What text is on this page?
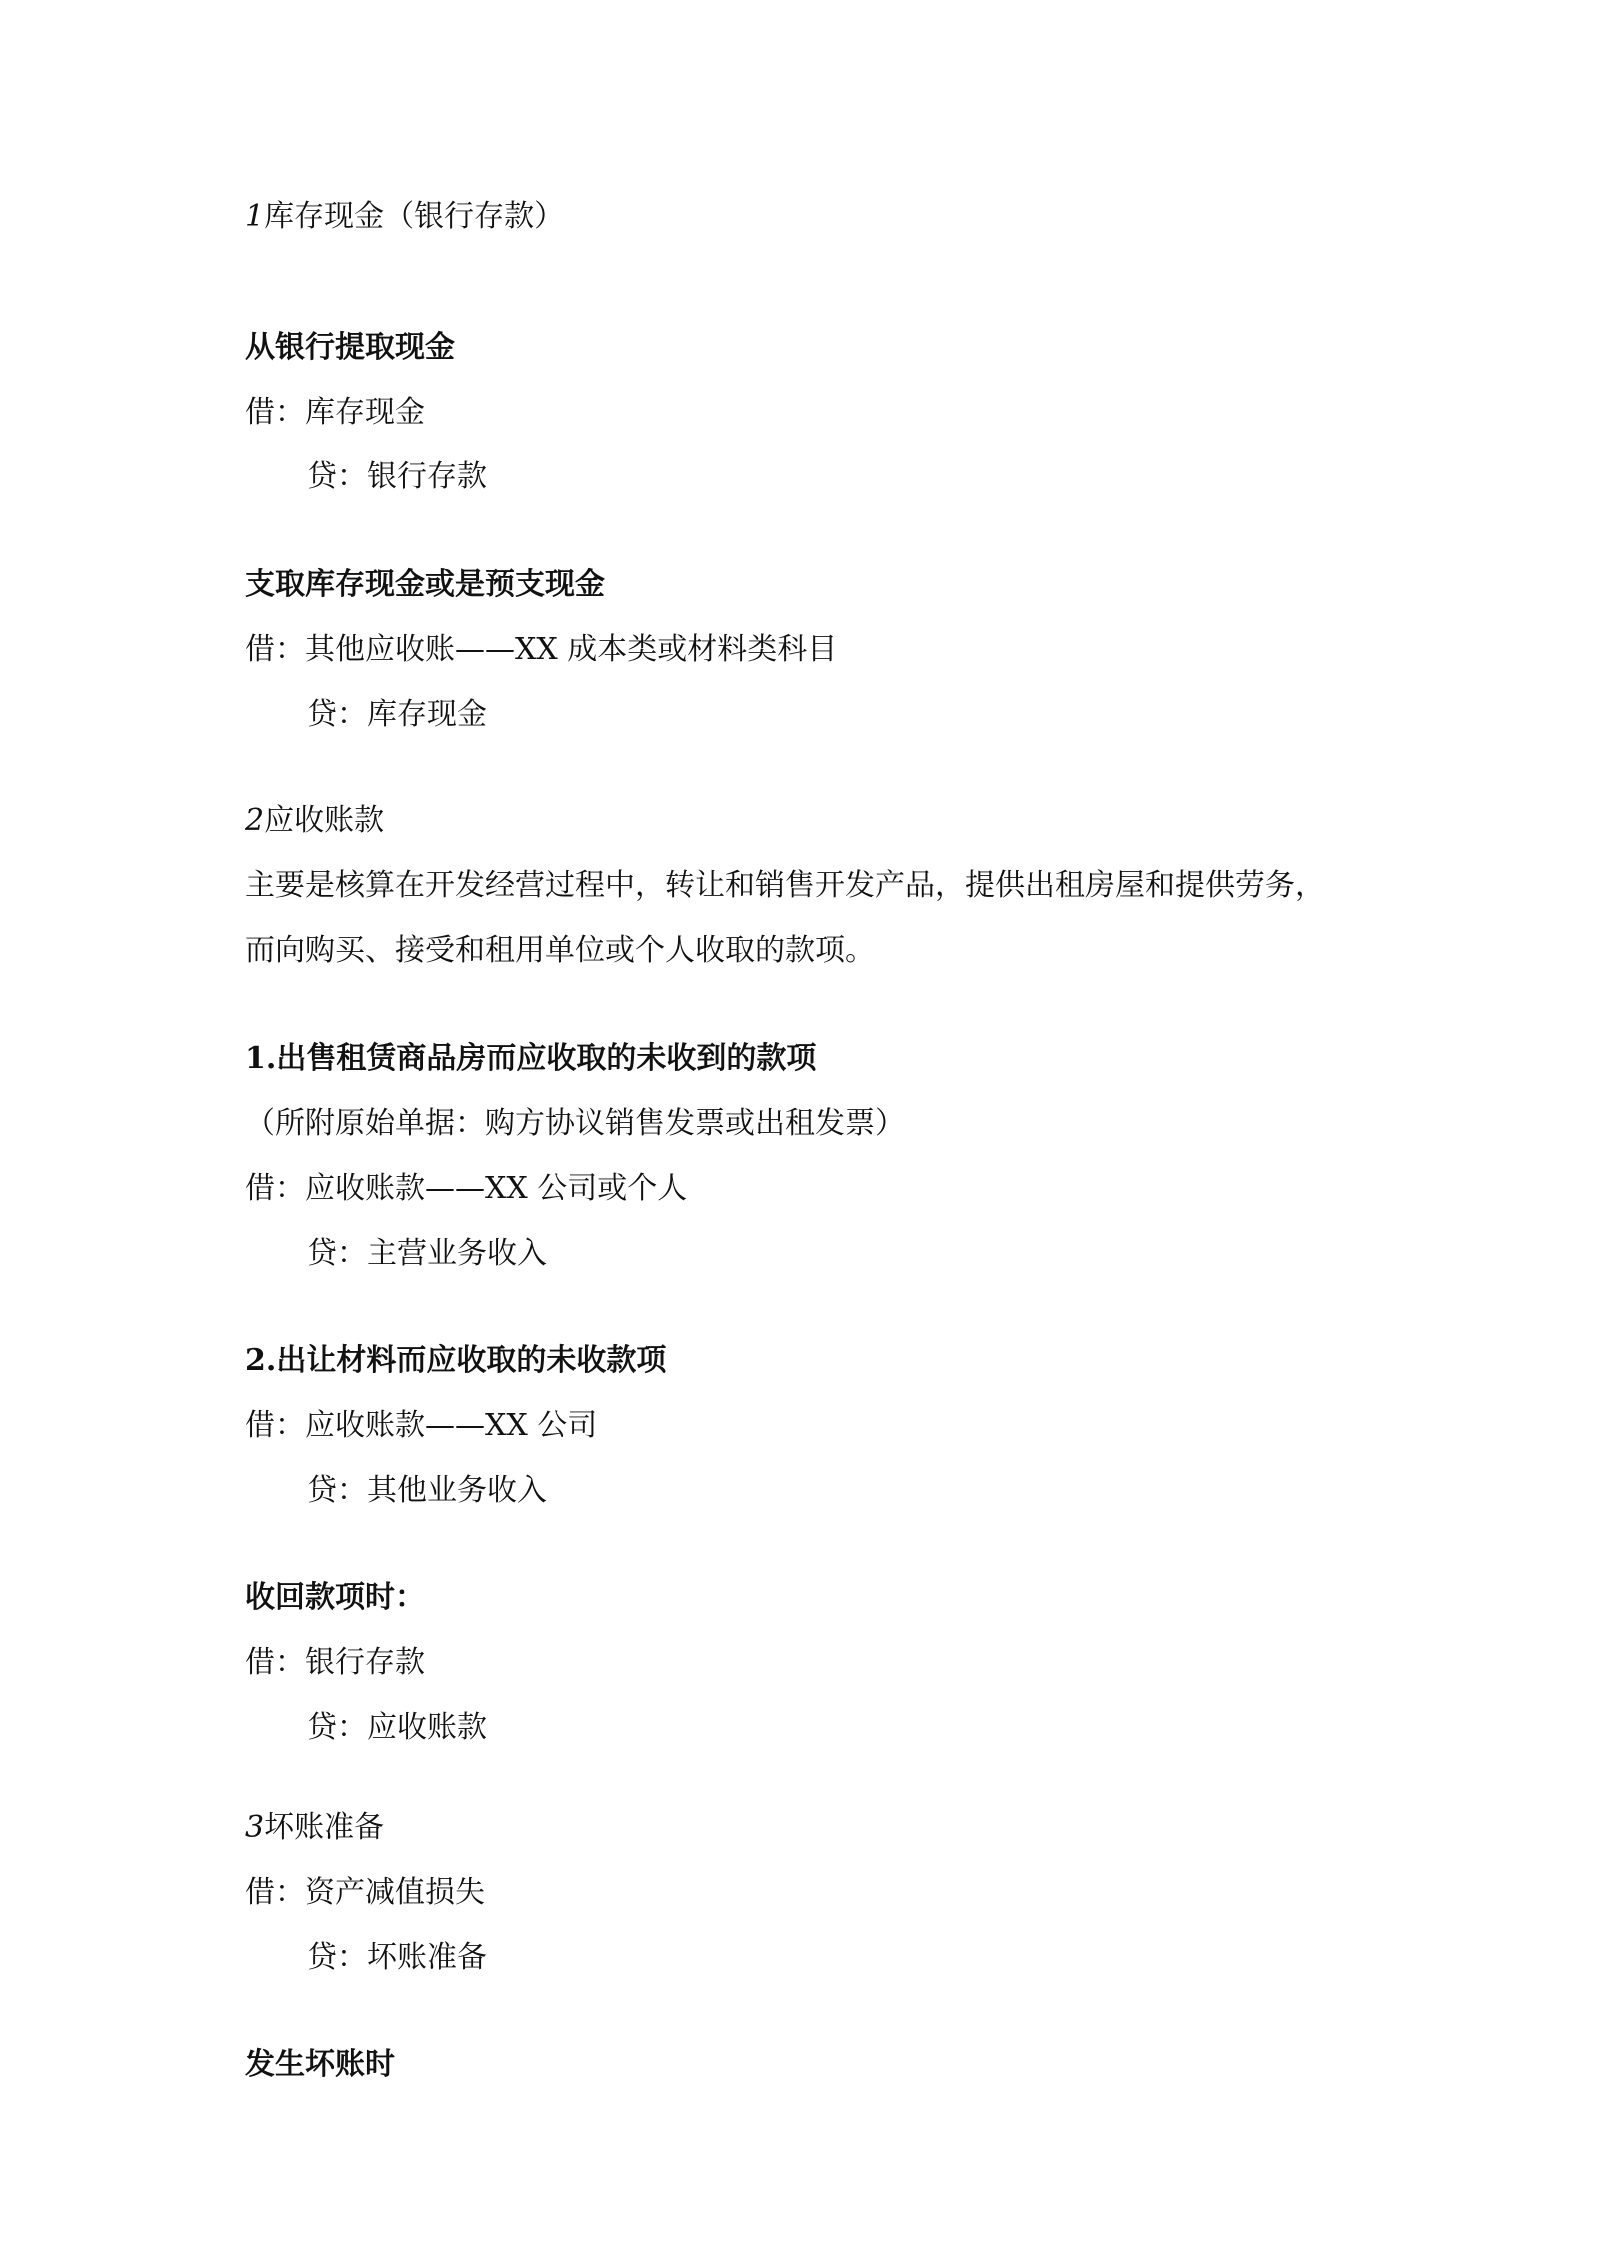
1库存现金（银行存款）
从银行提取现金
借：库存现金
贷：银行存款
支取库存现金或是预支现金
借：其他应收账——XX 成本类或材料类科目
贷：库存现金
2应收账款
主要是核算在开发经营过程中，转让和销售开发产品，提供出租房屋和提供劳务，
而向购买、接受和租用单位或个人收取的款项。
1.出售租赁商品房而应收取的未收到的款项
（所附原始单据：购方协议销售发票或出租发票）
借：应收账款——XX 公司或个人
贷：主营业务收入
2.出让材料而应收取的未收款项
借：应收账款——XX 公司
贷：其他业务收入
收回款项时：
借：银行存款
贷：应收账款
3坏账准备
借：资产减值损失
贷：坏账准备
发生坏账时
